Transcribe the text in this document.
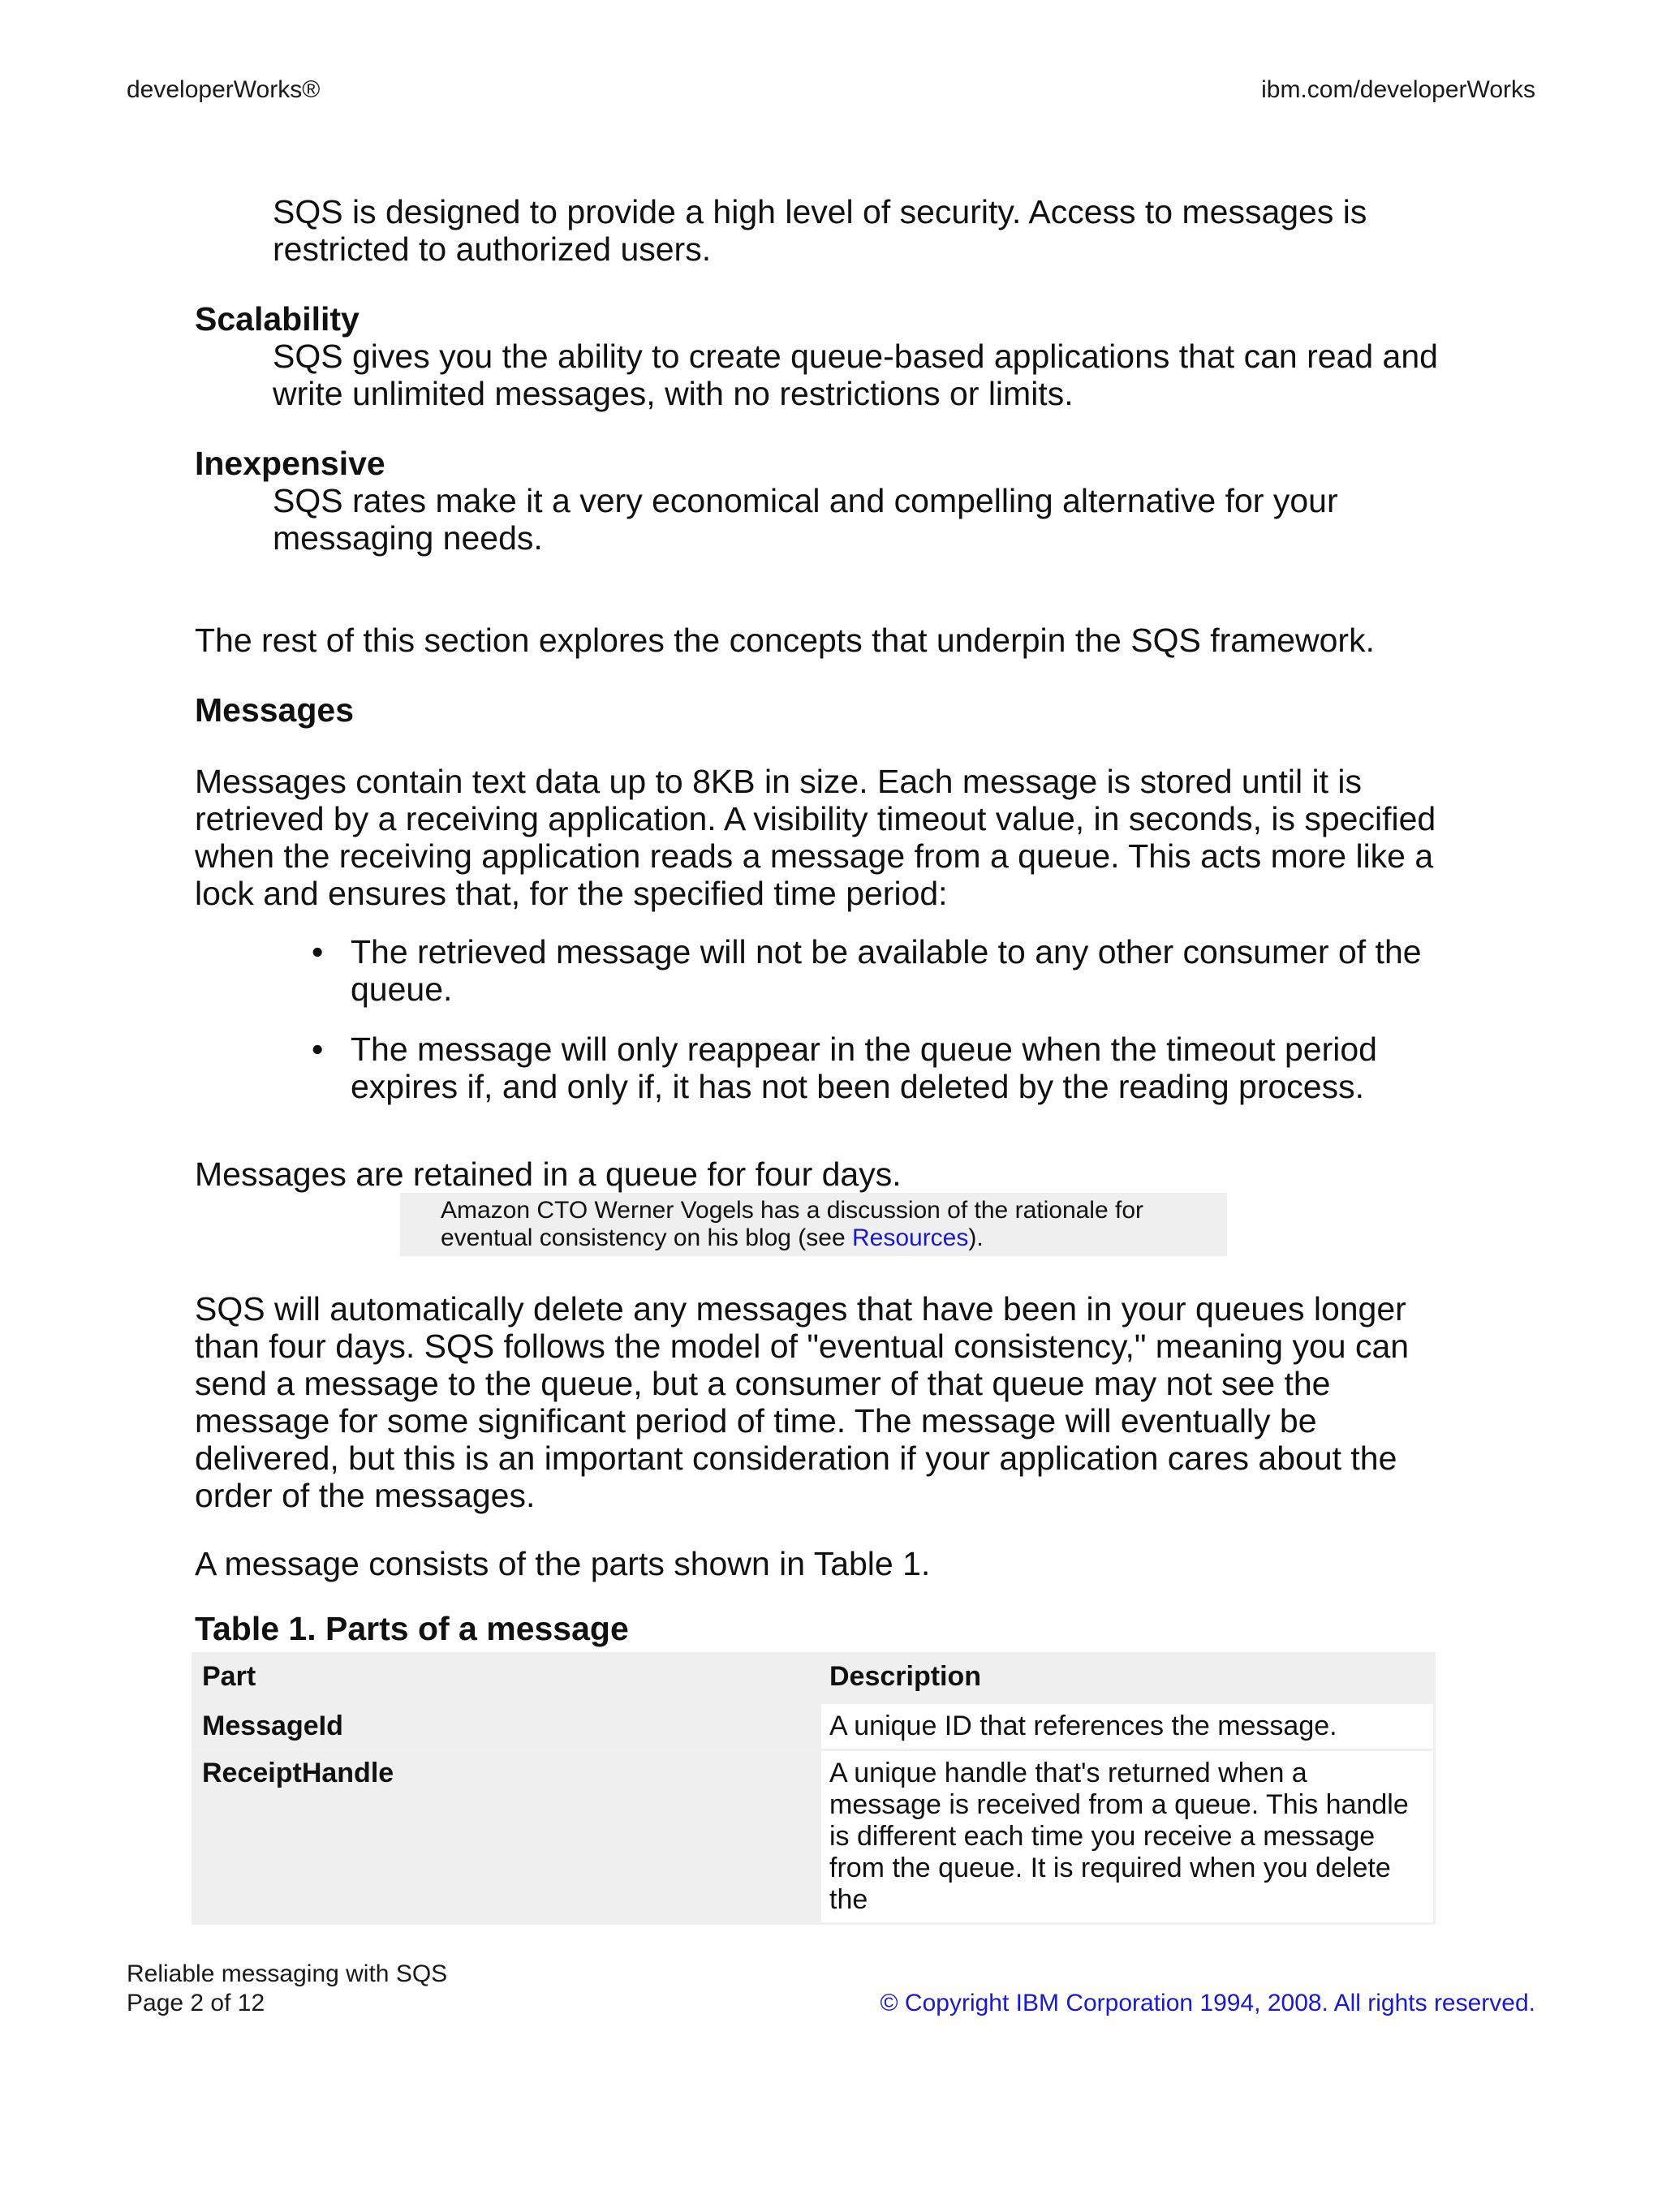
developerWorks®	ibm.com/developerWorks

SQS is designed to provide a high level of security. Access to messages is restricted to authorized users.

Scalability

SQS gives you the ability to create queue-based applications that can read and write unlimited messages, with no restrictions or limits.

Inexpensive

SQS rates make it a very economical and compelling alternative for your messaging needs.

The rest of this section explores the concepts that underpin the SQS framework.

Messages

Messages contain text data up to 8KB in size. Each message is stored until it is retrieved by a receiving application. A visibility timeout value, in seconds, is specified when the receiving application reads a message from a queue. This acts more like a lock and ensures that, for the specified time period:

• The retrieved message will not be available to any other consumer of the queue.
• The message will only reappear in the queue when the timeout period expires if, and only if, it has not been deleted by the reading process.

Messages are retained in a queue for four days.

Amazon CTO Werner Vogels has a discussion of the rationale for eventual consistency on his blog (see Resources).

SQS will automatically delete any messages that have been in your queues longer than four days. SQS follows the model of "eventual consistency," meaning you can send a message to the queue, but a consumer of that queue may not see the message for some significant period of time. The message will eventually be delivered, but this is an important consideration if your application cares about the order of the messages.

A message consists of the parts shown in Table 1.

Table 1. Parts of a message
Part	Description
MessageId	A unique ID that references the message.
ReceiptHandle	A unique handle that's returned when a message is received from a queue. This handle is different each time you receive a message from the queue. It is required when you delete the
Reliable messaging with SQS
Page 2 of 12	© Copyright IBM Corporation 1994, 2008. All rights reserved.
